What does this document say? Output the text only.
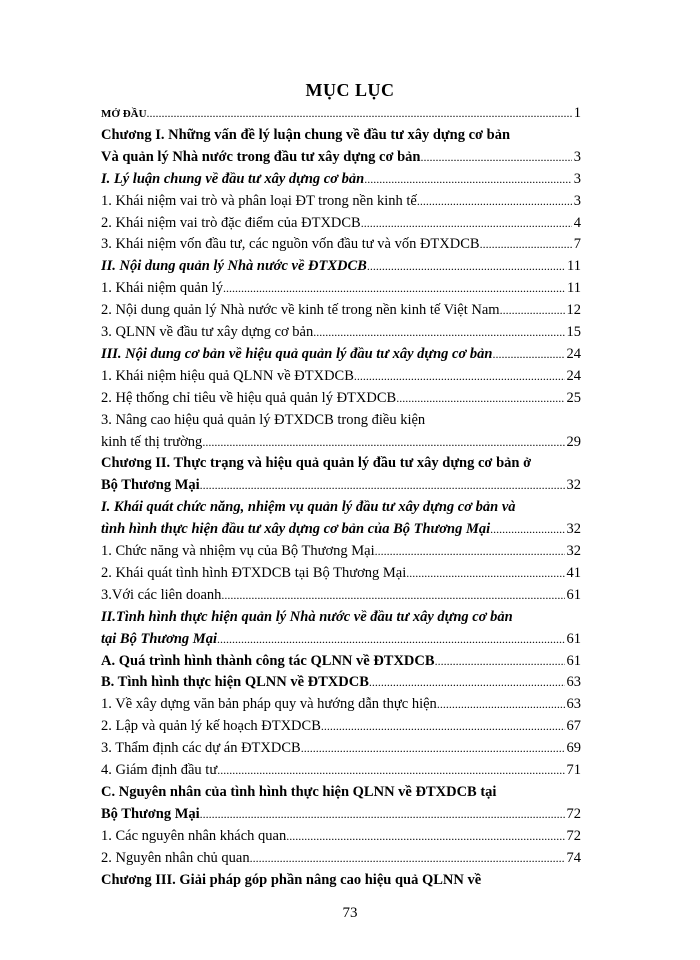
MỤC LỤC
MỞ ĐẦU .....	1
Chương I. Những vấn đề lý luận chung về đầu tư xây dựng cơ bản
Và quản lý Nhà nước trong đầu tư xây dựng cơ bản .....	3
I. Lý luận chung về đầu tư xây dựng cơ bản .....	3
1. Khái niệm vai trò và phân loại ĐT trong nền kinh tế .....	3
2. Khái niệm vai trò đặc điểm của ĐTXDCB .....	4
3. Khái niệm vốn đầu tư, các nguồn vốn đầu tư và vốn ĐTXDCB .....	7
II. Nội dung quản lý Nhà nước về ĐTXDCB .....	11
1. Khái niệm quản lý .....	11
2. Nội dung quản lý Nhà nước về kinh tế trong nền kinh tế Việt Nam .....	12
3. QLNN về đầu tư xây dựng cơ bản .....	15
III. Nội dung cơ bản về hiệu quả quản lý đầu tư xây dựng cơ bản .....	24
1. Khái niệm hiệu quả QLNN về ĐTXDCB .....	24
2. Hệ thống chỉ tiêu về hiệu quả quản lý ĐTXDCB .....	25
3. Nâng cao hiệu quả quản lý ĐTXDCB trong điều kiện
kinh tế thị trường .....	29
Chương II. Thực trạng và hiệu quả quản lý đầu tư xây dựng cơ bản ở
Bộ Thương Mại .....	32
I. Khái quát chức năng, nhiệm vụ quản lý đầu tư xây dựng cơ bản và
tình hình thực hiện đầu tư xây dựng cơ bản của Bộ Thương Mại .....	32
1. Chức năng và nhiệm vụ của Bộ Thương Mại .....	32
2. Khái quát tình hình ĐTXDCB tại Bộ Thương Mại .....	41
3.Với các liên doanh .....	61
II.Tình hình thực hiện quản lý Nhà nước về đầu tư xây dựng cơ bản
tại Bộ Thương Mại .....	61
A. Quá trình hình thành công tác QLNN về ĐTXDCB .....	61
B. Tình hình thực hiện QLNN về ĐTXDCB .....	63
1. Về xây dựng văn bản pháp quy và hướng dẫn thực hiện .....	63
2. Lập và quản lý kế hoạch ĐTXDCB .....	67
3. Thẩm định các dự án ĐTXDCB .....	69
4. Giám định đầu tư .....	71
C. Nguyên nhân của tình hình thực hiện QLNN về ĐTXDCB tại
Bộ Thương Mại .....	72
1. Các nguyên nhân khách quan .....	72
2. Nguyên nhân chủ quan .....	74
Chương III. Giải pháp góp phần nâng cao hiệu quả QLNN về
73
